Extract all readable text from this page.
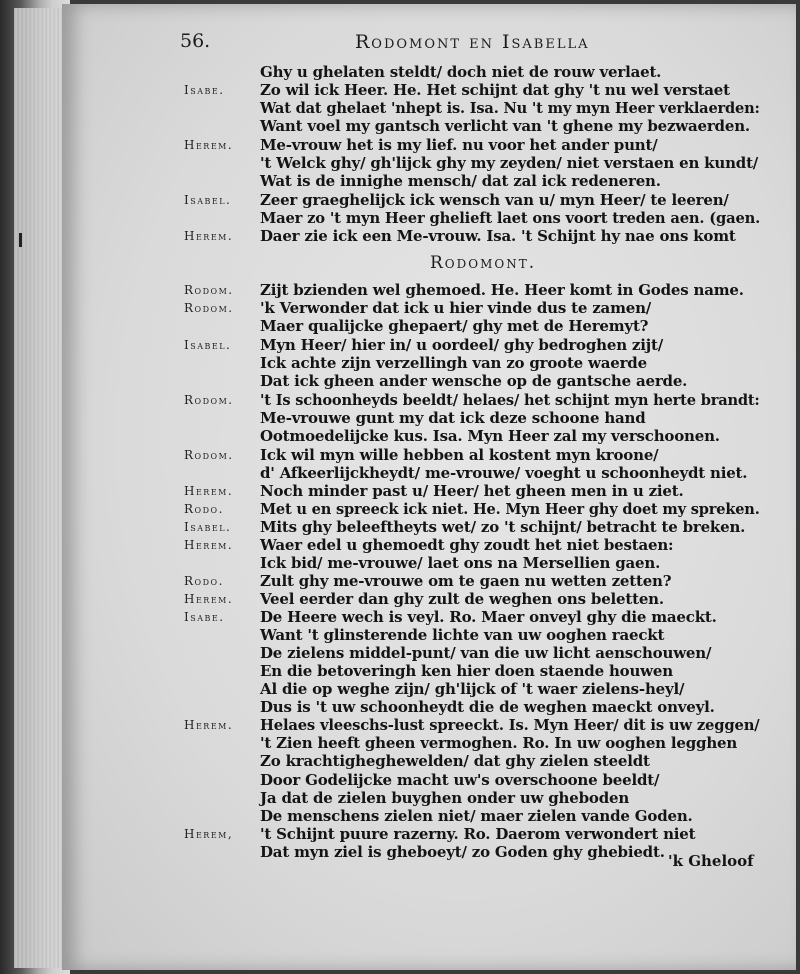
56.	Rodomont en Isabella
Rodomont.
Ghy u ghelaten steldt/ doch niet de rouw verlaet.
Isabe. Zo wil ick Heer. He. Het schijnt dat ghy 't nu wel verstaet
Wat dat ghelaet 'nhept is. Isa. Nu 't my myn Heer verklaerden:
Want voel my gantsch verlicht van 't ghene my bezwaerden.
Herem. Me-vrouw het is my lief. nu voor het ander punt/
't Welck ghy/ gh'lijck ghy my zeyden/ niet verstaen en kundt/
Wat is de innighe mensch/ dat zal ick redeneren.
Isabel. Zeer graeghelijck ick wensch van u/ myn Heer/ te leeren/
Maer zo 't myn Heer ghelieft laet ons voort treden aen. (gaen.
Herem. Daer zie ick een Me-vrouw. Isa. 't Schijnt hy nae ons komt
Rodom. Zijt bzienden wel ghemoed. He. Heer komt in Godes name.
Rodom. 'k Verwonder dat ick u hier vinde dus te zamen/
Maer qualijcke ghepaert/ ghy met de Heremyt?
Isabel. Myn Heer/ hier in/ u oordeel/ ghy bedroghen zijt/
Ick achte zijn verzellingh van zo groote waerde
Dat ick gheen ander wensche op de gantsche aerde.
Rodom. 't Is schoonheyds beeldt/ helaes/ het schijnt myn herte brandt:
Me-vrouwe gunt my dat ick deze schoone hand
Ootmoedelijcke kus. Isa. Myn Heer zal my verschoonen.
Rodom. Ick wil myn wille hebben al kostent myn kroone/
d' Afkeerlijckheydt/ me-vrouwe/ voeght u schoonheydt niet.
Herem. Noch minder past u/ Heer/ het gheen men in u ziet.
Rodo. Met u en spreeck ick niet. He. Myn Heer ghy doet my spreken.
Isabel. Mits ghy beleeftheyts wet/ zo 't schijnt/ betracht te breken.
Herem. Waer edel u ghemoedt ghy zoudt het niet bestaen:
Ick bid/ me-vrouwe/ laet ons na Mersellien gaen.
Rodo. Zult ghy me-vrouwe om te gaen nu wetten zetten?
Herem. Veel eerder dan ghy zult de weghen ons beletten.
Isabe. De Heere wech is veyl. Ro. Maer onveyl ghy die maeckt.
Want 't glinsterende lichte van uw ooghen raeckt
De zielens middel-punt/ van die uw licht aenschouwen/
En die betoveringh ken hier doen staende houwen
Al die op weghe zijn/ gh'lijck of 't waer zielens-heyl/
Dus is 't uw schoonheydt die de weghen maeckt onveyl.
Herem. Helaes vleeschs-lust spreeckt. Is. Myn Heer/ dit is uw zeggen/
't Zien heeft gheen vermoghen. Ro. In uw ooghen legghen
Zo krachtigheghewelden/ dat ghy zielen steeldt
Door Godelijcke macht uw's overschoone beeldt/
Ja dat de zielen buyghen onder uw gheboden
De menschens zielen niet/ maer zielen vande Goden.
Herem, 't Schijnt puure razerny. Ro. Daerom verwondert niet
Dat myn ziel is gheboeyt/ zo Goden ghy ghebiedt. 'k Gheloof
